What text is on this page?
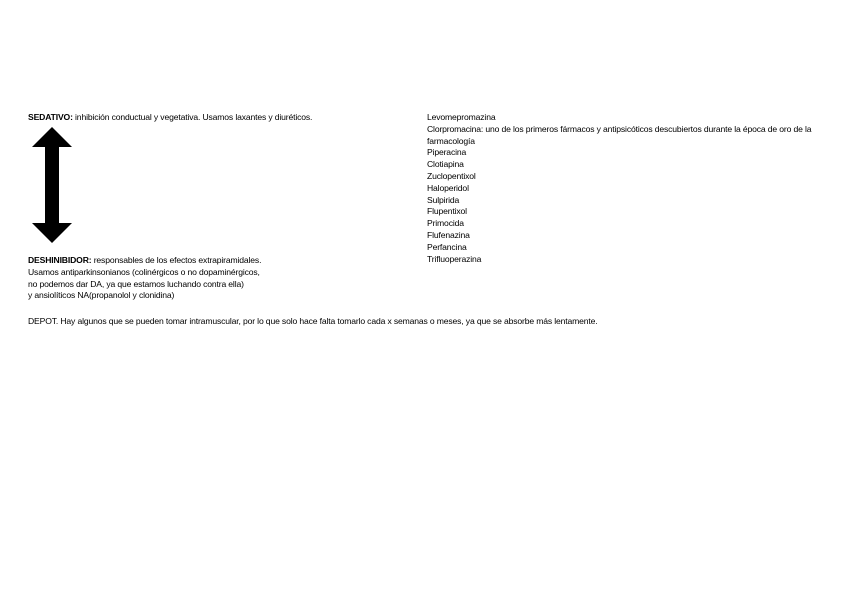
SEDATIVO: inhibición conductual y vegetativa. Usamos laxantes y diuréticos.
DESHINIBIDOR: responsables de los efectos extrapiramidales.
Usamos antiparkinsonianos (colinérgicos o no dopaminérgicos,
no podemos dar DA, ya que estamos luchando contra ella)
y ansiolíticos NA(propanolol y clonidina)
Levomepromazina
Clorpromacina: uno de los primeros fármacos y antipsicóticos descubiertos durante la época de oro de la farmacología
Piperacina
Clotiapina
Zuclopentixol
Haloperidol
Sulpirida
Flupentixol
Primocida
Flufenazina
Perfancina
Trifluoperazina
DEPOT. Hay algunos que se pueden tomar intramuscular, por lo que solo hace falta tomarlo cada x semanas o meses, ya que se absorbe más lentamente.
